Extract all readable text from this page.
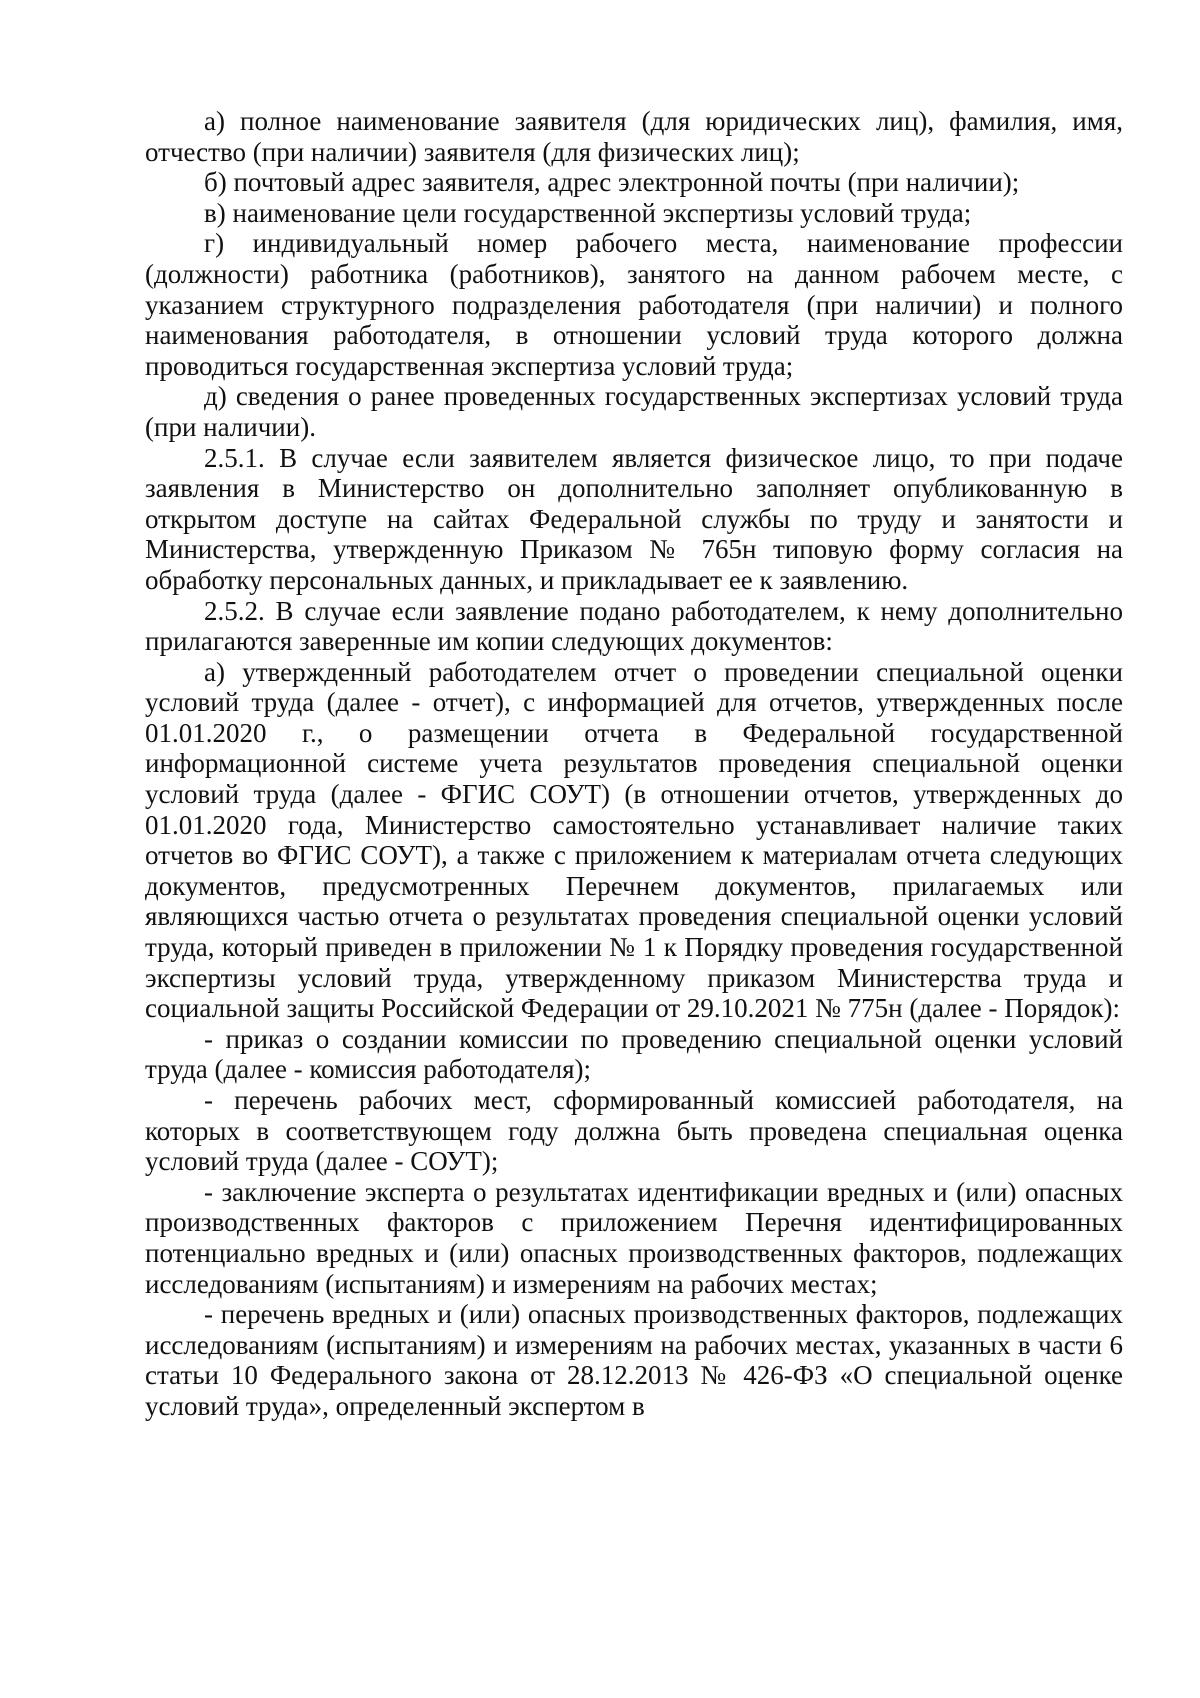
а) полное наименование заявителя (для юридических лиц), фамилия, имя, отчество (при наличии) заявителя (для физических лиц);

б) почтовый адрес заявителя, адрес электронной почты (при наличии);

в) наименование цели государственной экспертизы условий труда;

г) индивидуальный номер рабочего места, наименование профессии (должности) работника (работников), занятого на данном рабочем месте, с указанием структурного подразделения работодателя (при наличии) и полного наименования работодателя, в отношении условий труда которого должна проводиться государственная экспертиза условий труда;

д) сведения о ранее проведенных государственных экспертизах условий труда (при наличии).

2.5.1. В случае если заявителем является физическое лицо, то при подаче заявления в Министерство он дополнительно заполняет опубликованную в открытом доступе на сайтах Федеральной службы по труду и занятости и Министерства, утвержденную Приказом № 765н типовую форму согласия на обработку персональных данных, и прикладывает ее к заявлению.

2.5.2. В случае если заявление подано работодателем, к нему дополнительно прилагаются заверенные им копии следующих документов:

а) утвержденный работодателем отчет о проведении специальной оценки условий труда (далее - отчет), с информацией для отчетов, утвержденных после 01.01.2020 г., о размещении отчета в Федеральной государственной информационной системе учета результатов проведения специальной оценки условий труда (далее - ФГИС СОУТ) (в отношении отчетов, утвержденных до 01.01.2020 года, Министерство самостоятельно устанавливает наличие таких отчетов во ФГИС СОУТ), а также с приложением к материалам отчета следующих документов, предусмотренных Перечнем документов, прилагаемых или являющихся частью отчета о результатах проведения специальной оценки условий труда, который приведен в приложении № 1 к Порядку проведения государственной экспертизы условий труда, утвержденному приказом Министерства труда и социальной защиты Российской Федерации от 29.10.2021 № 775н (далее - Порядок):

- приказ о создании комиссии по проведению специальной оценки условий труда (далее - комиссия работодателя);

- перечень рабочих мест, сформированный комиссией работодателя, на которых в соответствующем году должна быть проведена специальная оценка условий труда (далее - СОУТ);

- заключение эксперта о результатах идентификации вредных и (или) опасных производственных факторов с приложением Перечня идентифицированных потенциально вредных и (или) опасных производственных факторов, подлежащих исследованиям (испытаниям) и измерениям на рабочих местах;

- перечень вредных и (или) опасных производственных факторов, подлежащих исследованиям (испытаниям) и измерениям на рабочих местах, указанных в части 6 статьи 10 Федерального закона от 28.12.2013 № 426-ФЗ «О специальной оценке условий труда», определенный экспертом в
